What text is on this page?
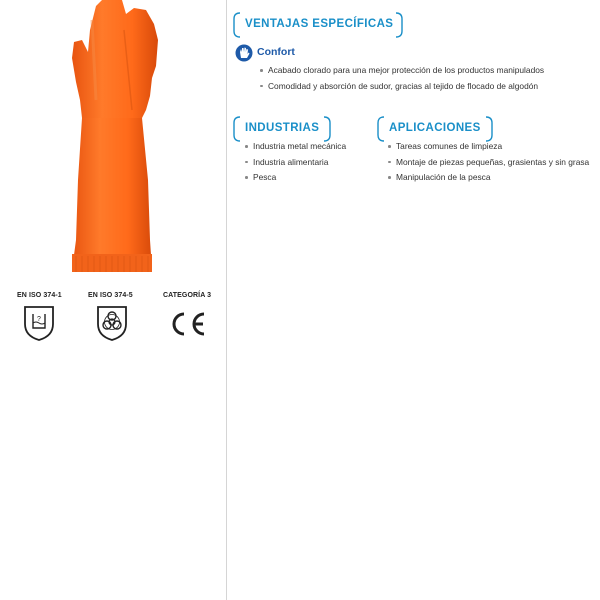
EN ISO 374-1	EN ISO 374-5	CATEGORÍA 3
?
VENTAJAS ESPECÍFICAS
Confort
Acabado clorado para una mejor protección de los productos manipulados
Comodidad y absorción de sudor, gracias al tejido de flocado de algodón
INDUSTRIAS
Industria metal mecánica
Industria alimentaria
Pesca
APLICACIONES
Tareas comunes de limpieza
Montaje de piezas pequeñas, grasientas y sin grasa
Manipulación de la pesca
